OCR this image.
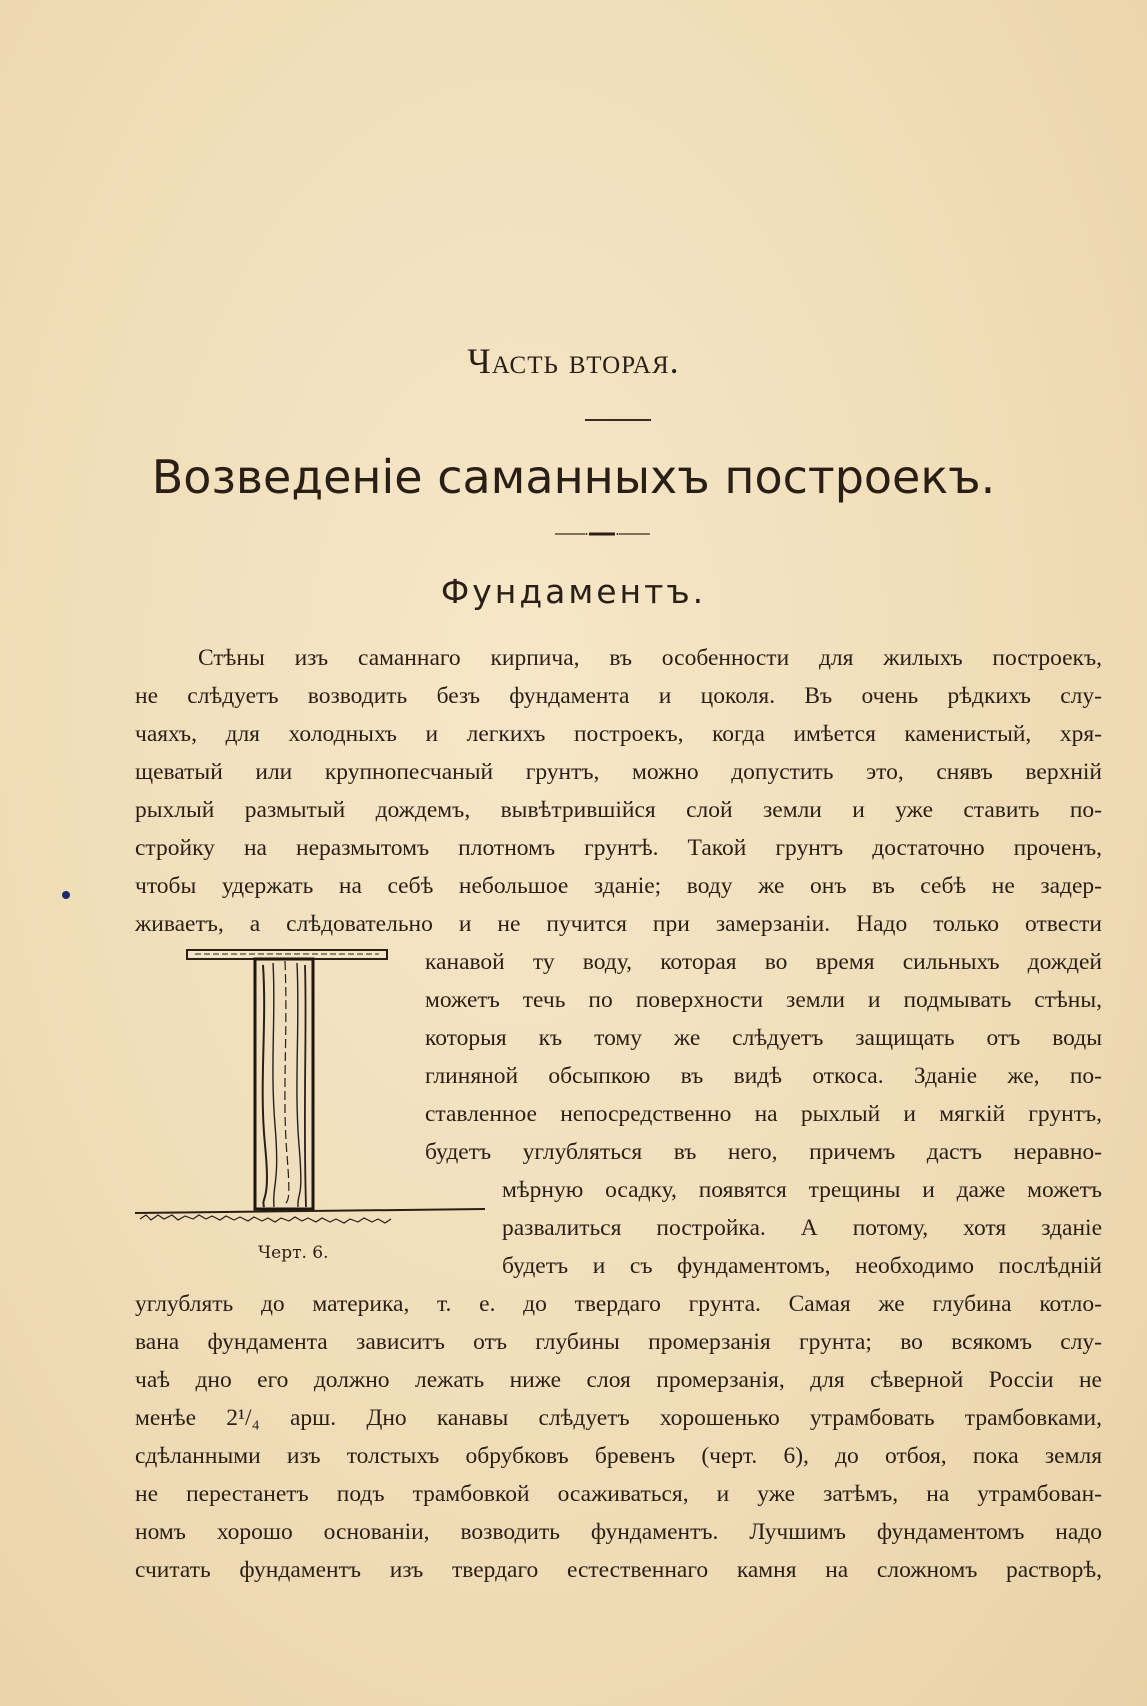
Часть вторая.
Возведеніе саманныхъ построекъ.
Фундаментъ.
Стѣны изъ саманнаго кирпича, въ особенности для жилыхъ построекъ,
не слѣдуетъ возводить безъ фундамента и цоколя. Въ очень рѣдкихъ слу-
чаяхъ, для холодныхъ и легкихъ построекъ, когда имѣется каменистый, хря-
щеватый или крупнопесчаный грунтъ, можно допустить это, снявъ верхній
рыхлый размытый дождемъ, вывѣтрившійся слой земли и уже ставить по-
стройку на неразмытомъ плотномъ грунтѣ. Такой грунтъ достаточно проченъ,
чтобы удержать на себѣ небольшое зданіе; воду же онъ въ себѣ не задер-
живаетъ, а слѣдовательно и не пучится при замерзаніи. Надо только отвести
канавой ту воду, которая во время сильныхъ дождей
можетъ течь по поверхности земли и подмывать стѣны,
которыя къ тому же слѣдуетъ защищать отъ воды
глиняной обсыпкою въ видѣ откоса. Зданіе же, по-
ставленное непосредственно на рыхлый и мягкій грунтъ,
будетъ углубляться въ него, причемъ дастъ неравно-
мѣрную осадку, появятся трещины и даже можетъ
развалиться постройка. А потому, хотя зданіе
будетъ и съ фундаментомъ, необходимо послѣдній
углублять до материка, т. е. до твердаго грунта. Самая же глубина котло-
вана фундамента зависитъ отъ глубины промерзанія грунта; во всякомъ слу-
чаѣ дно его должно лежать ниже слоя промерзанія, для сѣверной Россіи не
менѣе 2¹/₄ арш. Дно канавы слѣдуетъ хорошенько утрамбовать трамбовками,
сдѣланными изъ толстыхъ обрубковъ бревенъ (черт. 6), до отбоя, пока земля
не перестанетъ подъ трамбовкой осаживаться, и уже затѣмъ, на утрамбован-
номъ хорошо основаніи, возводить фундаментъ. Лучшимъ фундаментомъ надо
считать фундаментъ изъ твердаго естественнаго камня на сложномъ растворѣ,
Черт. 6.
